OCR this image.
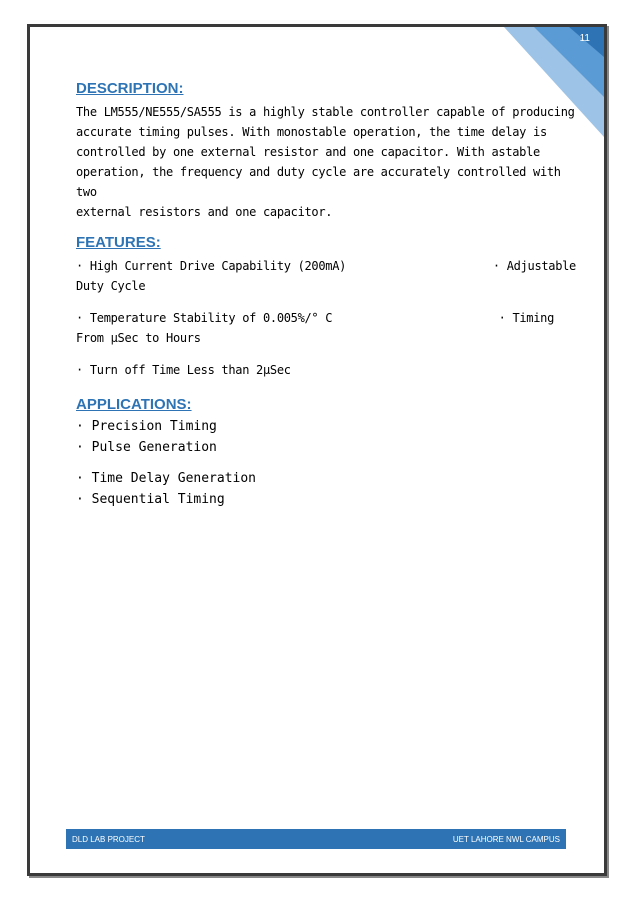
11
DESCRIPTION:

The LM555/NE555/SA555 is a highly stable controller capable of producing

accurate timing pulses. With monostable operation, the time delay is

controlled by one external resistor and one capacitor. With astable

operation, the frequency and duty cycle are accurately controlled with two

external resistors and one capacitor.

FEATURES:
· High Current Drive Capability (200mA)	· Adjustable
Duty Cycle
· Temperature Stability of 0.005%/° C	· Timing
From μSec to Hours
· Turn off Time Less than 2μSec
APPLICATIONS:
· Precision Timing
· Pulse Generation
· Time Delay Generation
· Sequential Timing
DLD LAB PROJECT	UET LAHORE NWL CAMPUS
